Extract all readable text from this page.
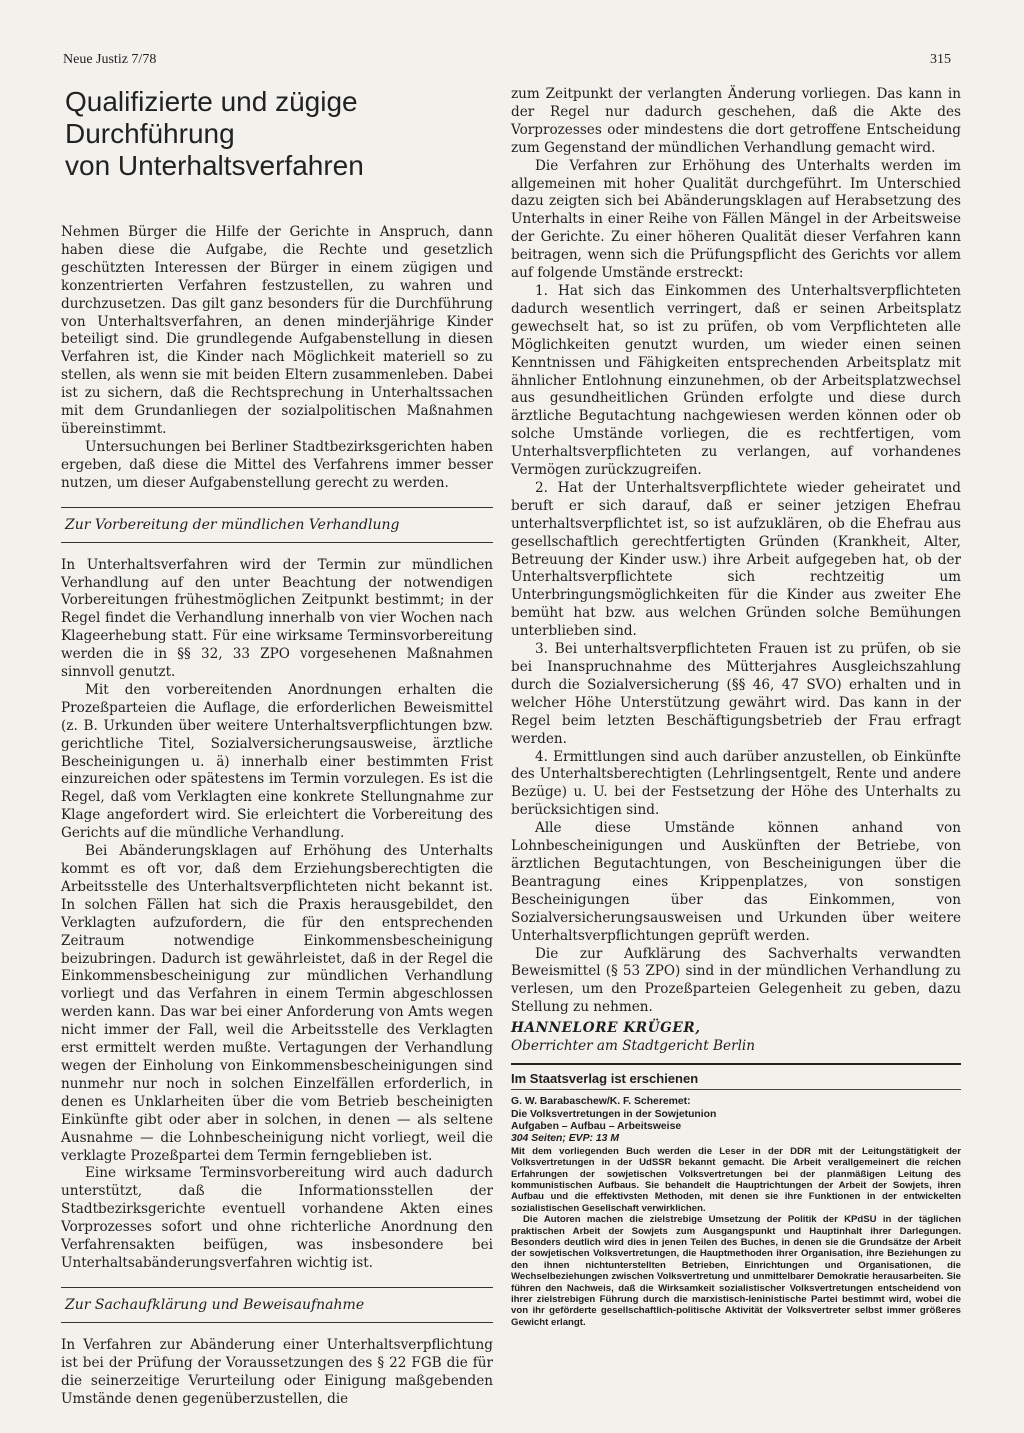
Neue Justiz 7/78	315
Qualifizierte und zügige Durchführung
von Unterhaltsverfahren

Nehmen Bürger die Hilfe der Gerichte in Anspruch, dann haben diese die Aufgabe, die Rechte und gesetzlich geschützten Interessen der Bürger in einem zügigen und konzentrierten Verfahren festzustellen, zu wahren und durchzusetzen. Das gilt ganz besonders für die Durchführung von Unterhaltsverfahren, an denen minderjährige Kinder beteiligt sind. Die grundlegende Aufgabenstellung in diesen Verfahren ist, die Kinder nach Möglichkeit materiell so zu stellen, als wenn sie mit beiden Eltern zusammenleben. Dabei ist zu sichern, daß die Rechtsprechung in Unterhaltssachen mit dem Grundanliegen der sozialpolitischen Maßnahmen übereinstimmt.

Untersuchungen bei Berliner Stadtbezirksgerichten haben ergeben, daß diese die Mittel des Verfahrens immer besser nutzen, um dieser Aufgabenstellung gerecht zu werden.

Zur Vorbereitung der mündlichen Verhandlung

In Unterhaltsverfahren wird der Termin zur mündlichen Verhandlung auf den unter Beachtung der notwendigen Vorbereitungen frühestmöglichen Zeitpunkt bestimmt; in der Regel findet die Verhandlung innerhalb von vier Wochen nach Klageerhebung statt. Für eine wirksame Terminsvorbereitung werden die in §§ 32, 33 ZPO vorgesehenen Maßnahmen sinnvoll genutzt.

Mit den vorbereitenden Anordnungen erhalten die Prozeßparteien die Auflage, die erforderlichen Beweismittel (z. B. Urkunden über weitere Unterhaltsverpflichtungen bzw. gerichtliche Titel, Sozialversicherungsausweise, ärztliche Bescheinigungen u. ä) innerhalb einer bestimmten Frist einzureichen oder spätestens im Termin vorzulegen. Es ist die Regel, daß vom Verklagten eine konkrete Stellungnahme zur Klage angefordert wird. Sie erleichtert die Vorbereitung des Gerichts auf die mündliche Verhandlung.

Bei Abänderungsklagen auf Erhöhung des Unterhalts kommt es oft vor, daß dem Erziehungsberechtigten die Arbeitsstelle des Unterhaltsverpflichteten nicht bekannt ist. In solchen Fällen hat sich die Praxis herausgebildet, den Verklagten aufzufordern, die für den entsprechenden Zeitraum notwendige Einkommensbescheinigung beizubringen. Dadurch ist gewährleistet, daß in der Regel die Einkommensbescheinigung zur mündlichen Verhandlung vorliegt und das Verfahren in einem Termin abgeschlossen werden kann. Das war bei einer Anforderung von Amts wegen nicht immer der Fall, weil die Arbeitsstelle des Verklagten erst ermittelt werden mußte. Vertagungen der Verhandlung wegen der Einholung von Einkommensbescheinigungen sind nunmehr nur noch in solchen Einzelfällen erforderlich, in denen es Unklarheiten über die vom Betrieb bescheinigten Einkünfte gibt oder aber in solchen, in denen — als seltene Ausnahme — die Lohnbescheinigung nicht vorliegt, weil die verklagte Prozeßpartei dem Termin ferngeblieben ist.

Eine wirksame Terminsvorbereitung wird auch dadurch unterstützt, daß die Informationsstellen der Stadtbezirksgerichte eventuell vorhandene Akten eines Vorprozesses sofort und ohne richterliche Anordnung den Verfahrensakten beifügen, was insbesondere bei Unterhaltsabänderungsverfahren wichtig ist.

Zur Sachaufklärung und Beweisaufnahme

In Verfahren zur Abänderung einer Unterhaltsverpflichtung ist bei der Prüfung der Voraussetzungen des § 22 FGB die für die seinerzeitige Verurteilung oder Einigung maßgebenden Umstände denen gegenüberzustellen, die

zum Zeitpunkt der verlangten Änderung vorliegen. Das kann in der Regel nur dadurch geschehen, daß die Akte des Vorprozesses oder mindestens die dort getroffene Entscheidung zum Gegenstand der mündlichen Verhandlung gemacht wird.

Die Verfahren zur Erhöhung des Unterhalts werden im allgemeinen mit hoher Qualität durchgeführt. Im Unterschied dazu zeigten sich bei Abänderungsklagen auf Herabsetzung des Unterhalts in einer Reihe von Fällen Mängel in der Arbeitsweise der Gerichte. Zu einer höheren Qualität dieser Verfahren kann beitragen, wenn sich die Prüfungspflicht des Gerichts vor allem auf folgende Umstände erstreckt:

1. Hat sich das Einkommen des Unterhaltsverpflichteten dadurch wesentlich verringert, daß er seinen Arbeitsplatz gewechselt hat, so ist zu prüfen, ob vom Verpflichteten alle Möglichkeiten genutzt wurden, um wieder einen seinen Kenntnissen und Fähigkeiten entsprechenden Arbeitsplatz mit ähnlicher Entlohnung einzunehmen, ob der Arbeitsplatzwechsel aus gesundheitlichen Gründen erfolgte und diese durch ärztliche Begutachtung nachgewiesen werden können oder ob solche Umstände vorliegen, die es rechtfertigen, vom Unterhaltsverpflichteten zu verlangen, auf vorhandenes Vermögen zurückzugreifen.

2. Hat der Unterhaltsverpflichtete wieder geheiratet und beruft er sich darauf, daß er seiner jetzigen Ehefrau unterhaltsverpflichtet ist, so ist aufzuklären, ob die Ehefrau aus gesellschaftlich gerechtfertigten Gründen (Krankheit, Alter, Betreuung der Kinder usw.) ihre Arbeit aufgegeben hat, ob der Unterhaltsverpflichtete sich rechtzeitig um Unterbringungsmöglichkeiten für die Kinder aus zweiter Ehe bemüht hat bzw. aus welchen Gründen solche Bemühungen unterblieben sind.

3. Bei unterhaltsverpflichteten Frauen ist zu prüfen, ob sie bei Inanspruchnahme des Mütterjahres Ausgleichszahlung durch die Sozialversicherung (§§ 46, 47 SVO) erhalten und in welcher Höhe Unterstützung gewährt wird. Das kann in der Regel beim letzten Beschäftigungsbetrieb der Frau erfragt werden.

4. Ermittlungen sind auch darüber anzustellen, ob Einkünfte des Unterhaltsberechtigten (Lehrlingsentgelt, Rente und andere Bezüge) u. U. bei der Festsetzung der Höhe des Unterhalts zu berücksichtigen sind.

Alle diese Umstände können anhand von Lohnbescheinigungen und Auskünften der Betriebe, von ärztlichen Begutachtungen, von Bescheinigungen über die Beantragung eines Krippenplatzes, von sonstigen Bescheinigungen über das Einkommen, von Sozialversicherungsausweisen und Urkunden über weitere Unterhaltsverpflichtungen geprüft werden.

Die zur Aufklärung des Sachverhalts verwandten Beweismittel (§ 53 ZPO) sind in der mündlichen Verhandlung zu verlesen, um den Prozeßparteien Gelegenheit zu geben, dazu Stellung zu nehmen.

HANNELORE KRÜGER,
Oberrichter am Stadtgericht Berlin
Im Staatsverlag ist erschienen
G. W. Barabaschew/K. F. Scheremet:
Die Volksvertretungen in der Sowjetunion
Aufgaben – Aufbau – Arbeitsweise
304 Seiten; EVP: 13 M

Mit dem vorliegenden Buch werden die Leser in der DDR mit der Leitungstätigkeit der Volksvertretungen in der UdSSR bekannt gemacht. Die Arbeit verallgemeinert die reichen Erfahrungen der sowjetischen Volksvertretungen bei der planmäßigen Leitung des kommunistischen Aufbaus. Sie behandelt die Hauptrichtungen der Arbeit der Sowjets, ihren Aufbau und die effektivsten Methoden, mit denen sie ihre Funktionen in der entwickelten sozialistischen Gesellschaft verwirklichen.

Die Autoren machen die zielstrebige Umsetzung der Politik der KPdSU in der täglichen praktischen Arbeit der Sowjets zum Ausgangspunkt und Hauptinhalt ihrer Darlegungen. Besonders deutlich wird dies in jenen Teilen des Buches, in denen sie die Grundsätze der Arbeit der sowjetischen Volksvertretungen, die Hauptmethoden ihrer Organisation, ihre Beziehungen zu den ihnen nichtunterstellten Betrieben, Einrichtungen und Organisationen, die Wechselbeziehungen zwischen Volksvertretung und unmittelbarer Demokratie herausarbeiten. Sie führen den Nachweis, daß die Wirksamkeit sozialistischer Volksvertretungen entscheidend von ihrer zielstrebigen Führung durch die marxistisch-leninistische Partei bestimmt wird, wobei die von ihr geförderte gesellschaftlich-politische Aktivität der Volksvertreter selbst immer größeres Gewicht erlangt.
